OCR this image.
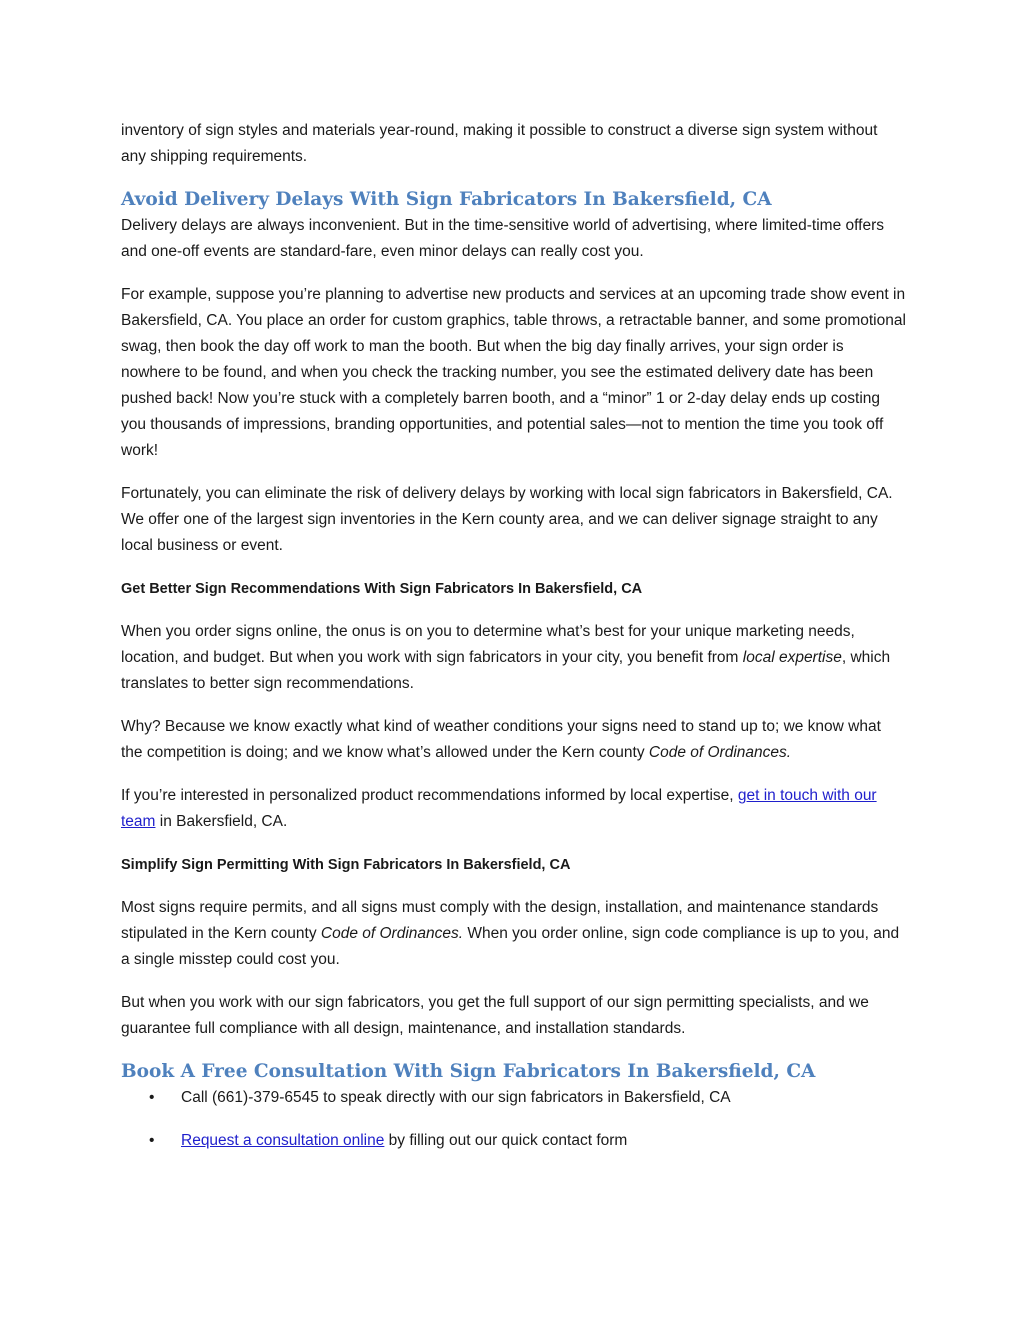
inventory of sign styles and materials year-round, making it possible to construct a diverse sign system without any shipping requirements.

Avoid Delivery Delays With Sign Fabricators In Bakersfield, CA

Delivery delays are always inconvenient. But in the time-sensitive world of advertising, where limited-time offers and one-off events are standard-fare, even minor delays can really cost you.

For example, suppose you’re planning to advertise new products and services at an upcoming trade show event in Bakersfield, CA. You place an order for custom graphics, table throws, a retractable banner, and some promotional swag, then book the day off work to man the booth. But when the big day finally arrives, your sign order is nowhere to be found, and when you check the tracking number, you see the estimated delivery date has been pushed back! Now you’re stuck with a completely barren booth, and a “minor” 1 or 2-day delay ends up costing you thousands of impressions, branding opportunities, and potential sales—not to mention the time you took off work!

Fortunately, you can eliminate the risk of delivery delays by working with local sign fabricators in Bakersfield, CA. We offer one of the largest sign inventories in the Kern county area, and we can deliver signage straight to any local business or event.

Get Better Sign Recommendations With Sign Fabricators In Bakersfield, CA

When you order signs online, the onus is on you to determine what’s best for your unique marketing needs, location, and budget. But when you work with sign fabricators in your city, you benefit from local expertise, which translates to better sign recommendations.

Why? Because we know exactly what kind of weather conditions your signs need to stand up to; we know what the competition is doing; and we know what’s allowed under the Kern county Code of Ordinances.

If you’re interested in personalized product recommendations informed by local expertise, get in touch with our team in Bakersfield, CA.

Simplify Sign Permitting With Sign Fabricators In Bakersfield, CA

Most signs require permits, and all signs must comply with the design, installation, and maintenance standards stipulated in the Kern county Code of Ordinances. When you order online, sign code compliance is up to you, and a single misstep could cost you.

But when you work with our sign fabricators, you get the full support of our sign permitting specialists, and we guarantee full compliance with all design, maintenance, and installation standards.

Book A Free Consultation With Sign Fabricators In Bakersfield, CA
• Call (661)-379-6545 to speak directly with our sign fabricators in Bakersfield, CA
• Request a consultation online by filling out our quick contact form
